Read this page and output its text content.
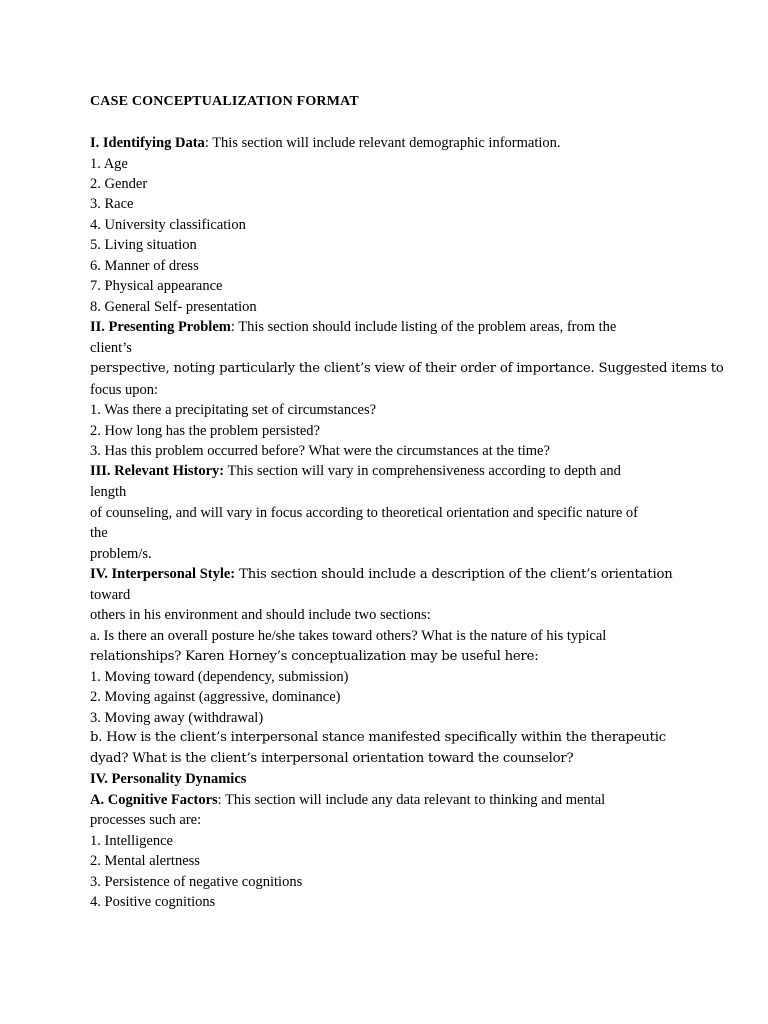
CASE CONCEPTUALIZATION FORMAT
I. Identifying Data: This section will include relevant demographic information.
1. Age
2. Gender
3. Race
4. University classification
5. Living situation
6. Manner of dress
7. Physical appearance
8. General Self- presentation
II. Presenting Problem: This section should include listing of the problem areas, from the
client’s
perspective, noting particularly the client’s view of their order of importance. Suggested items to
focus upon:
1. Was there a precipitating set of circumstances?
2. How long has the problem persisted?
3. Has this problem occurred before? What were the circumstances at the time?
III. Relevant History: This section will vary in comprehensiveness according to depth and
length
of counseling, and will vary in focus according to theoretical orientation and specific nature of
the
problem/s.
IV. Interpersonal Style: This section should include a description of the client’s orientation
toward
others in his environment and should include two sections:
a. Is there an overall posture he/she takes toward others? What is the nature of his typical
relationships? Karen Horney’s conceptualization may be useful here:
1. Moving toward (dependency, submission)
2. Moving against (aggressive, dominance)
3. Moving away (withdrawal)
b. How is the client’s interpersonal stance manifested specifically within the therapeutic
dyad? What is the client’s interpersonal orientation toward the counselor?
IV. Personality Dynamics
A. Cognitive Factors: This section will include any data relevant to thinking and mental
processes such are:
1. Intelligence
2. Mental alertness
3. Persistence of negative cognitions
4. Positive cognitions
